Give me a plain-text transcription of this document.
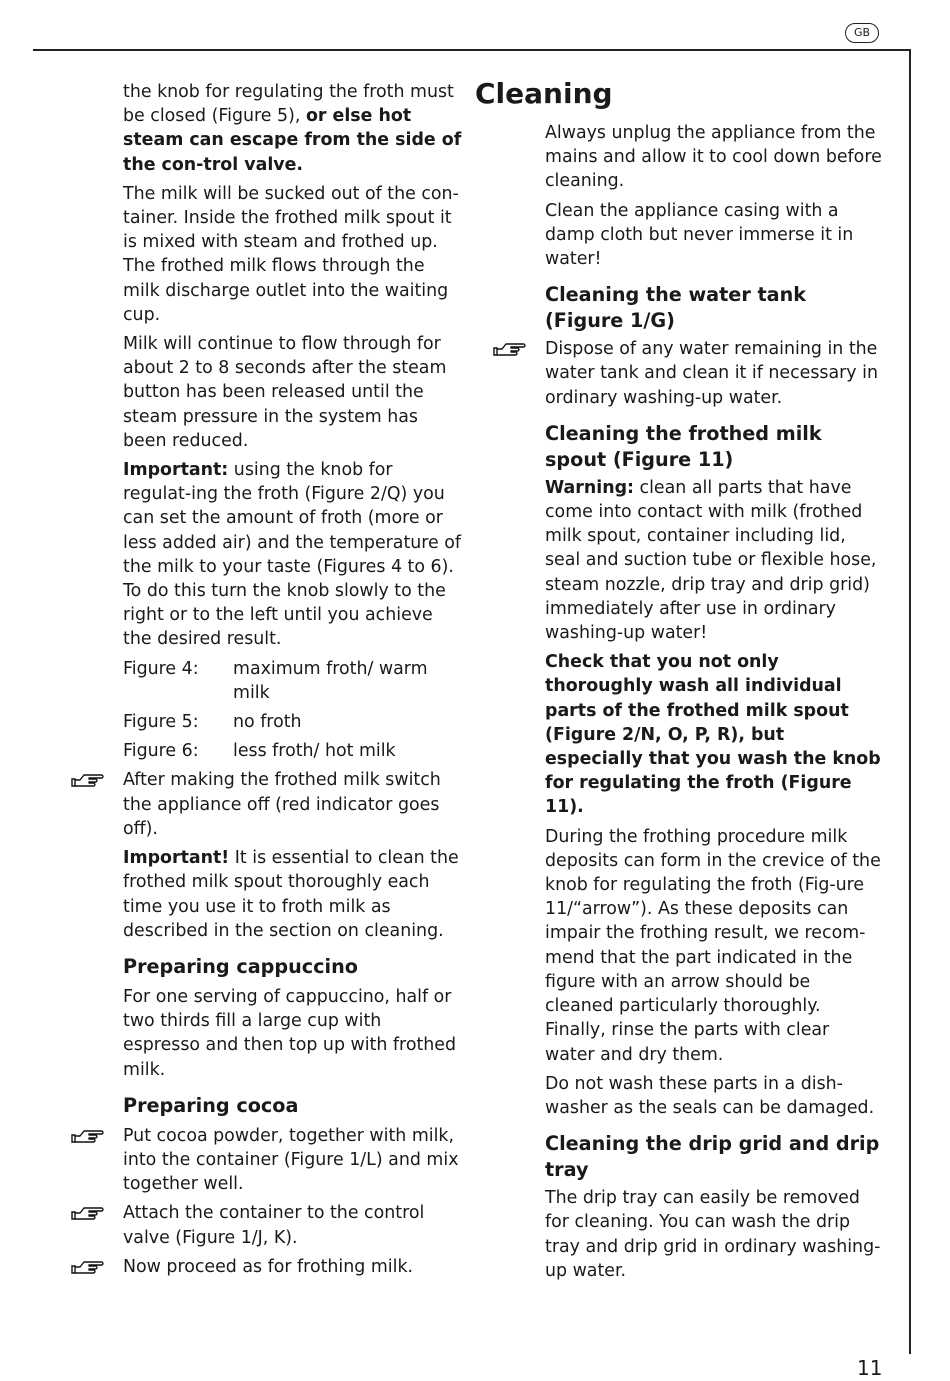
GB

the knob for regulating the froth must be closed (Figure 5), or else hot steam can escape from the side of the con-trol valve.

The milk will be sucked out of the con-tainer. Inside the frothed milk spout it is mixed with steam and frothed up. The frothed milk flows through the milk discharge outlet into the waiting cup.

Milk will continue to flow through for about 2 to 8 seconds after the steam button has been released until the steam pressure in the system has been reduced.

Important: using the knob for regulat-ing the froth (Figure 2/Q) you can set the amount of froth (more or less added air) and the temperature of the milk to your taste (Figures 4 to 6). To do this turn the knob slowly to the right or to the left until you achieve the desired result.

Figure 4:	maximum froth/ warm milk
Figure 5:	no froth
Figure 6:	less froth/ hot milk

After making the frothed milk switch the appliance off (red indicator goes off).

Important! It is essential to clean the frothed milk spout thoroughly each time you use it to froth milk as described in the section on cleaning.

Preparing cappuccino

For one serving of cappuccino, half or two thirds fill a large cup with espresso and then top up with frothed milk.

Preparing cocoa

Put cocoa powder, together with milk, into the container (Figure 1/L) and mix together well.

Attach the container to the control valve (Figure 1/J, K).

Now proceed as for frothing milk.

Cleaning

Always unplug the appliance from the mains and allow it to cool down before cleaning.

Clean the appliance casing with a damp cloth but never immerse it in water!

Cleaning the water tank (Figure 1/G)

Dispose of any water remaining in the water tank and clean it if necessary in ordinary washing-up water.

Cleaning the frothed milk spout (Figure 11)

Warning: clean all parts that have come into contact with milk (frothed milk spout, container including lid, seal and suction tube or flexible hose, steam nozzle, drip tray and drip grid) immediately after use in ordinary washing-up water!

Check that you not only thoroughly wash all individual parts of the frothed milk spout (Figure 2/N, O, P, R), but especially that you wash the knob for regulating the froth (Figure 11).

During the frothing procedure milk deposits can form in the crevice of the knob for regulating the froth (Fig-ure 11/“arrow”). As these deposits can impair the frothing result, we recom-mend that the part indicated in the figure with an arrow should be cleaned particularly thoroughly. Finally, rinse the parts with clear water and dry them.

Do not wash these parts in a dish-washer as the seals can be damaged.

Cleaning the drip grid and drip tray

The drip tray can easily be removed for cleaning. You can wash the drip tray and drip grid in ordinary washing-up water.

11
